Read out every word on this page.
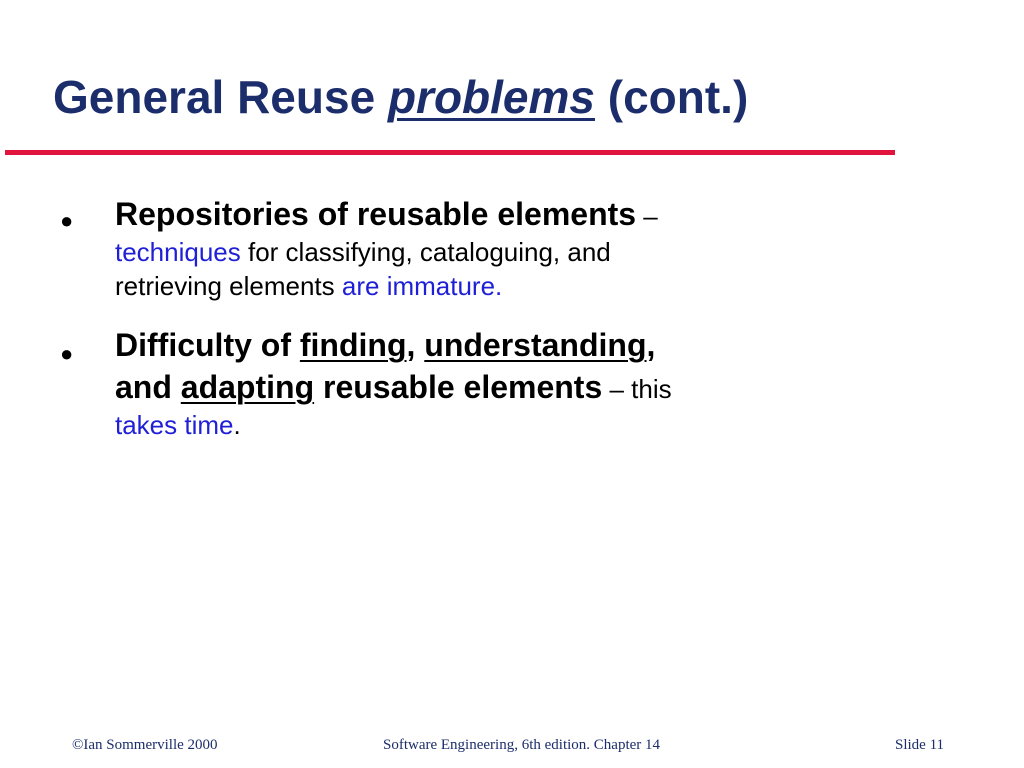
General Reuse problems (cont.)
● Repositories of reusable elements –
techniques for classifying, cataloguing, and
retrieving elements are immature.
● Difficulty of finding, understanding,
and adapting reusable elements – this
takes time.
©Ian Sommerville 2000	Software Engineering, 6th edition. Chapter 14	Slide 11
